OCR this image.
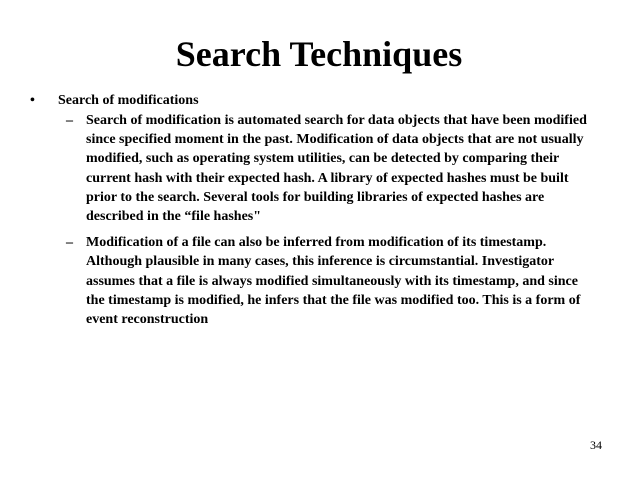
Search Techniques
• Search of modifications
– Search of modification is automated search for data objects that have been modified since specified moment in the past. Modification of data objects that are not usually modified, such as operating system utilities, can be detected by comparing their current hash with their expected hash. A library of expected hashes must be built prior to the search. Several tools for building libraries of expected hashes are described in the “file hashes"
– Modification of a file can also be inferred from modification of its timestamp. Although plausible in many cases, this inference is circumstantial. Investigator assumes that a file is always modified simultaneously with its timestamp, and since the timestamp is modified, he infers that the file was modified too. This is a form of event reconstruction
34
